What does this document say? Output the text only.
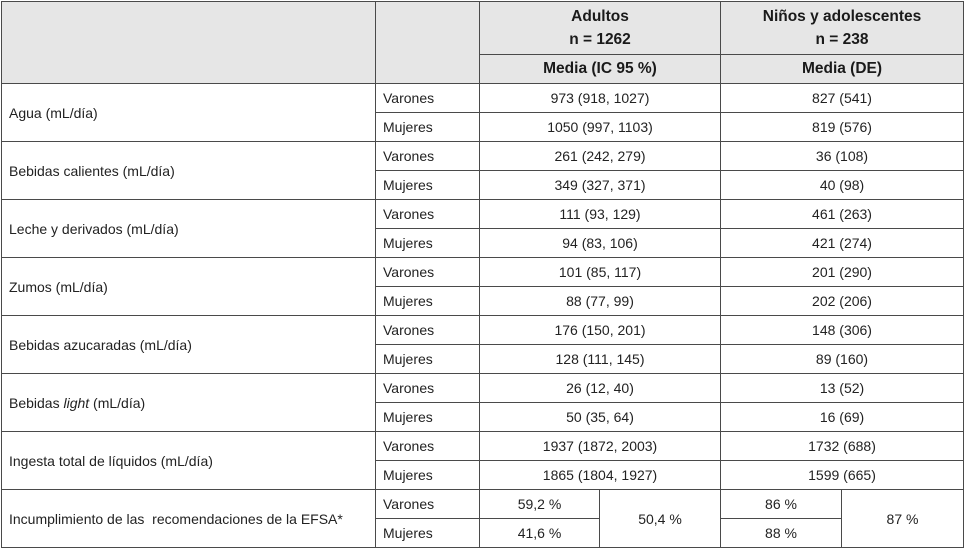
		Adultos
n = 1262		Niños y adolescentes
n = 238	
		Media (IC 95 %)		Media (DE)	
Agua (mL/día)	Varones	973 (918, 1027)		827 (541)	
	Mujeres	1050 (997, 1103)		819 (576)	
Bebidas calientes (mL/día)	Varones	261 (242, 279)		36 (108)	
	Mujeres	349 (327, 371)		40 (98)	
Leche y derivados (mL/día)	Varones	111 (93, 129)		461 (263)	
	Mujeres	94 (83, 106)		421 (274)	
Zumos (mL/día)	Varones	101 (85, 117)		201 (290)	
	Mujeres	88 (77, 99)		202 (206)	
Bebidas azucaradas (mL/día)	Varones	176 (150, 201)		148 (306)	
	Mujeres	128 (111, 145)		89 (160)	
Bebidas light (mL/día)	Varones	26 (12, 40)		13 (52)	
	Mujeres	50 (35, 64)		16 (69)	
Ingesta total de líquidos (mL/día)	Varones	1937 (1872, 2003)		1732 (688)	
	Mujeres	1865 (1804, 1927)		1599 (665)	
Incumplimiento de las  recomendaciones de la EFSA*	Varones	59,2 %	50,4 %	86 %	87 %
	Mujeres	41,6 %		88 %	
